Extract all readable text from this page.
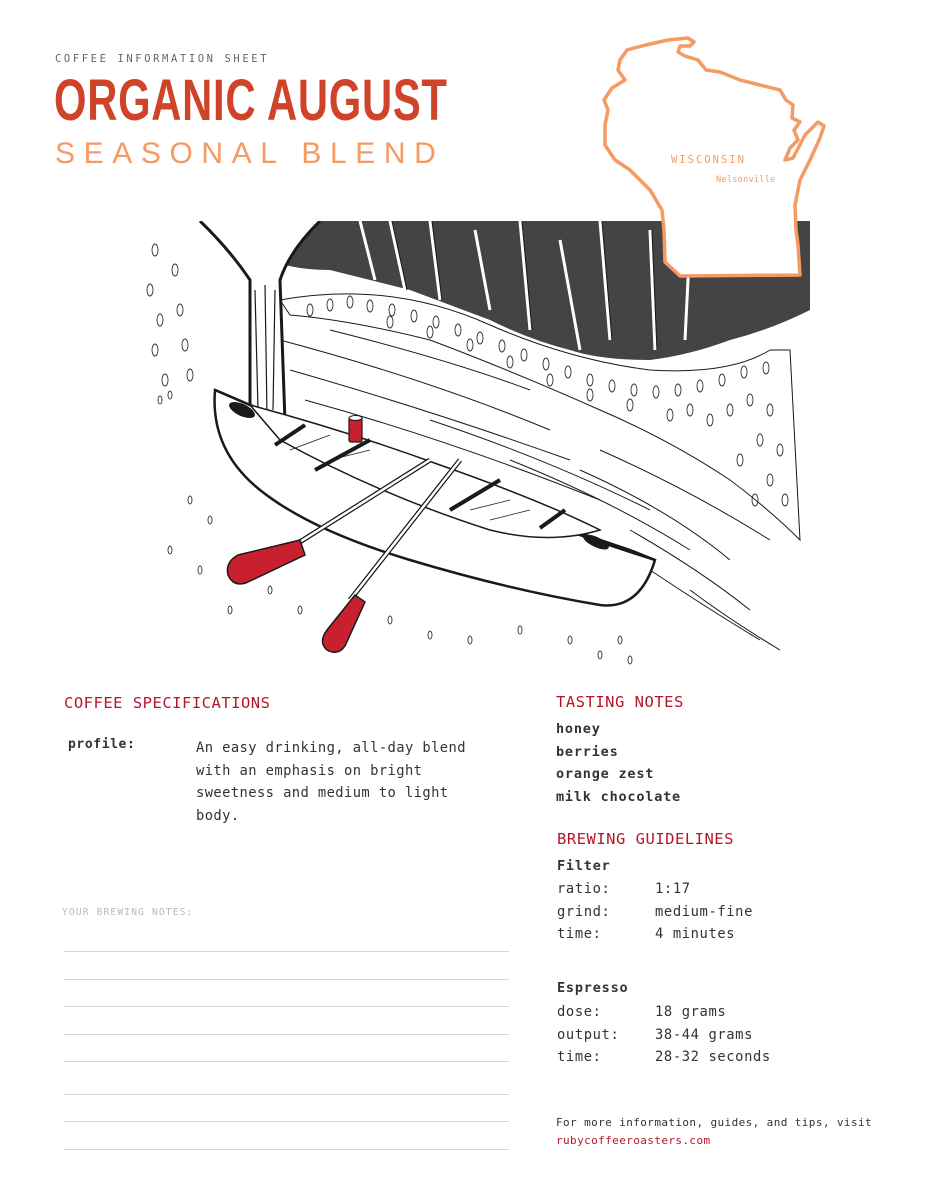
COFFEE INFORMATION SHEET
ORGANIC AUGUST
SEASONAL BLEND	WISCONSIN
Nelsonville
COFFEE SPECIFICATIONS
profile:	An easy drinking, all-day blend with an emphasis on bright sweetness and medium to light body.
YOUR BREWING NOTES:
TASTING NOTES
honey
berries
orange zest
milk chocolate
BREWING GUIDELINES
Filter
ratio:	1:17
grind:	medium-fine
time:	4 minutes
Espresso
dose:	18 grams
output:	38-44 grams
time:	28-32 seconds
For more information, guides, and tips, visit rubycoffeeroasters.com
